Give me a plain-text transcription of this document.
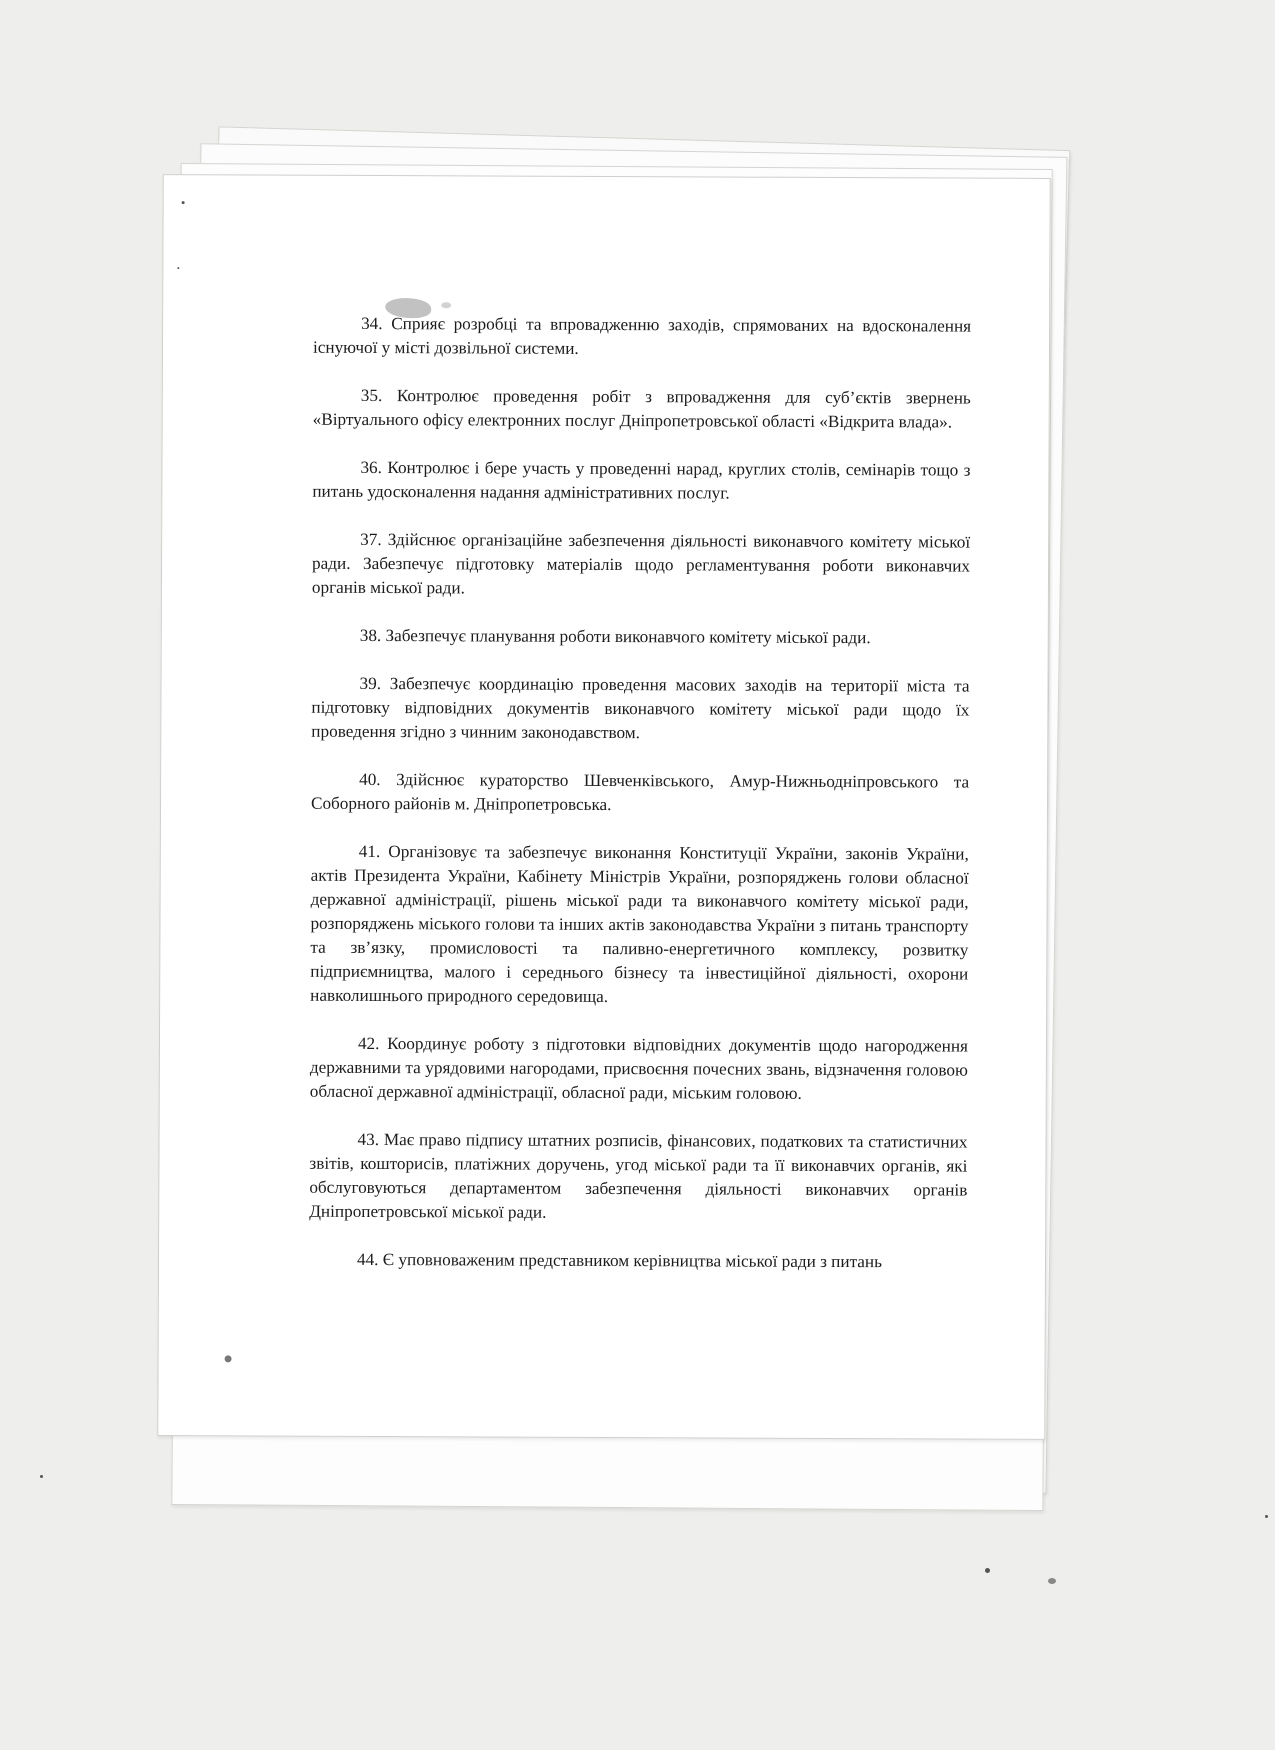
34. Сприяє розробці та впровадженню заходів, спрямованих на вдосконалення існуючої у місті дозвільної системи.

35. Контролює проведення робіт з впровадження для суб’єктів звернень «Віртуального офісу електронних послуг Дніпропетровської області «Відкрита влада».

36. Контролює і бере участь у проведенні нарад, круглих столів, семінарів тощо з питань удосконалення надання адміністративних послуг.

37. Здійснює організаційне забезпечення діяльності виконавчого комітету міської ради. Забезпечує підготовку матеріалів щодо регламентування роботи виконавчих органів міської ради.

38. Забезпечує планування роботи виконавчого комітету міської ради.

39. Забезпечує координацію проведення масових заходів на території міста та підготовку відповідних документів виконавчого комітету міської ради щодо їх проведення згідно з чинним законодавством.

40. Здійснює кураторство Шевченківського, Амур-Нижньодніпровського та Соборного районів м. Дніпропетровська.

41. Організовує та забезпечує виконання Конституції України, законів України, актів Президента України, Кабінету Міністрів України, розпоряджень голови обласної державної адміністрації, рішень міської ради та виконавчого комітету міської ради, розпоряджень міського голови та інших актів законодавства України з питань транспорту та зв’язку, промисловості та паливно-енергетичного комплексу, розвитку підприємництва, малого і середнього бізнесу та інвестиційної діяльності, охорони навколишнього природного середовища.

42. Координує роботу з підготовки відповідних документів щодо нагородження державними та урядовими нагородами, присвоєння почесних звань, відзначення головою обласної державної адміністрації, обласної ради, міським головою.

43. Має право підпису штатних розписів, фінансових, податкових та статистичних звітів, кошторисів, платіжних доручень, угод міської ради та її виконавчих органів, які обслуговуються департаментом забезпечення діяльності виконавчих органів Дніпропетровської міської ради.

44. Є уповноваженим представником керівництва міської ради з питань
